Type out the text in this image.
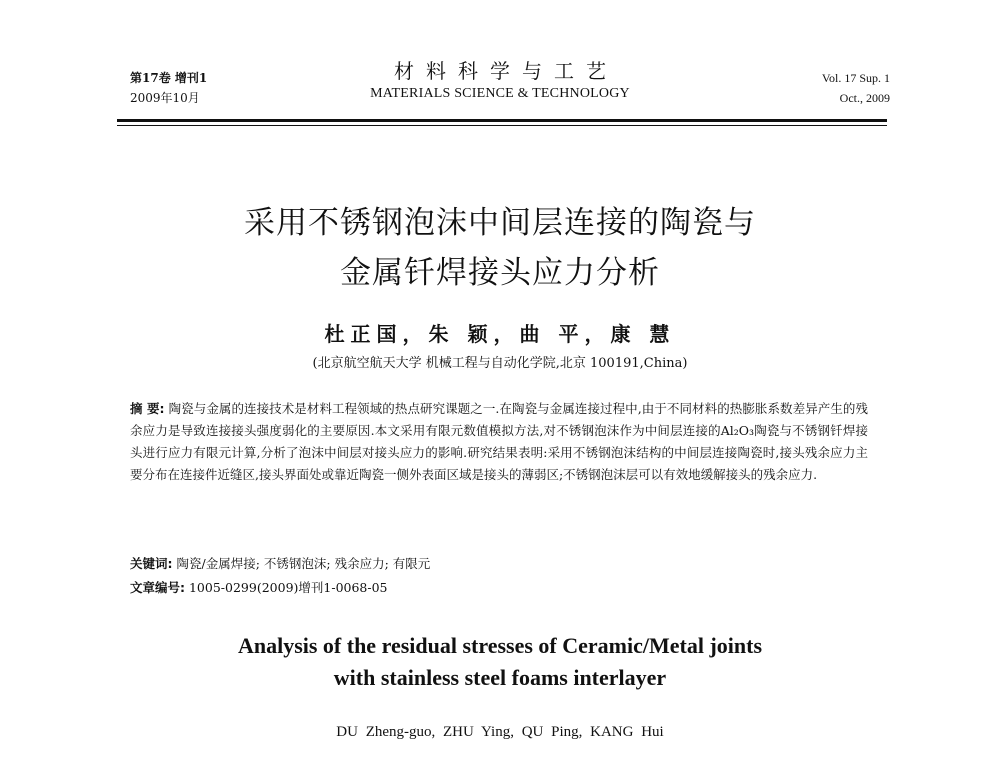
第17卷 增刊1
2009年10月
材料科学与工艺
MATERIALS SCIENCE & TECHNOLOGY
Vol. 17 Sup. 1
Oct., 2009
采用不锈钢泡沫中间层连接的陶瓷与
金属钎焊接头应力分析
杜正国，朱 颖，曲 平，康 慧
(北京航空航天大学 机械工程与自动化学院,北京 100191,China)
摘 要: 陶瓷与金属的连接技术是材料工程领域的热点研究课题之一.在陶瓷与金属连接过程中,由于不同材料的热膨胀系数差异产生的残余应力是导致连接接头强度弱化的主要原因.本文采用有限元数值模拟方法,对不锈钢泡沫作为中间层连接的Al₂O₃陶瓷与不锈钢钎焊接头进行应力有限元计算,分析了泡沫中间层对接头应力的影响.研究结果表明:采用不锈钢泡沫结构的中间层连接陶瓷时,接头残余应力主要分布在连接件近缝区,接头界面处或靠近陶瓷一侧外表面区域是接头的薄弱区;不锈钢泡沫层可以有效地缓解接头的残余应力.
关键词: 陶瓷/金属焊接; 不锈钢泡沫; 残余应力; 有限元
文章编号: 1005-0299(2009)增刊1-0068-05
Analysis of the residual stresses of Ceramic/Metal joints
with stainless steel foams interlayer
DU Zheng-guo, ZHU Ying, QU Ping, KANG Hui
